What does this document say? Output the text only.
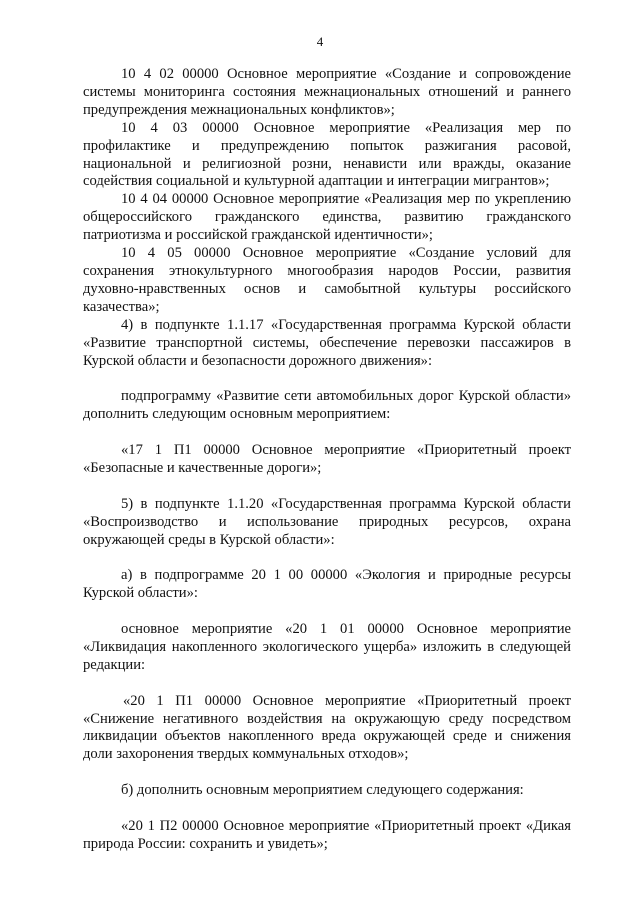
4

10 4 02 00000 Основное мероприятие «Создание и сопровождение системы мониторинга состояния межнациональных отношений и раннего предупреждения межнациональных конфликтов»;

10 4 03 00000 Основное мероприятие «Реализация мер по профилактике и предупреждению попыток разжигания расовой, национальной и религиозной розни, ненависти или вражды, оказание содействия социальной и культурной адаптации и интеграции мигрантов»;

10 4 04 00000 Основное мероприятие «Реализация мер по укреплению общероссийского гражданского единства, развитию гражданского патриотизма и российской гражданской идентичности»;

10 4 05 00000 Основное мероприятие «Создание условий для сохранения этнокультурного многообразия народов России, развития духовно-нравственных основ и самобытной культуры российского казачества»;

4) в подпункте 1.1.17 «Государственная программа Курской области «Развитие транспортной системы, обеспечение перевозки пассажиров в Курской области и безопасности дорожного движения»:

подпрограмму «Развитие сети автомобильных дорог Курской области» дополнить следующим основным мероприятием:

«17 1 П1 00000 Основное мероприятие «Приоритетный проект «Безопасные и качественные дороги»;

5) в подпункте 1.1.20 «Государственная программа Курской области «Воспроизводство и использование природных ресурсов, охрана окружающей среды в Курской области»:

а) в подпрограмме 20 1 00 00000 «Экология и природные ресурсы Курской области»:

основное мероприятие «20 1 01 00000 Основное мероприятие «Ликвидация накопленного экологического ущерба» изложить в следующей редакции:

«20 1 П1 00000 Основное мероприятие «Приоритетный проект «Снижение негативного воздействия на окружающую среду посредством ликвидации объектов накопленного вреда окружающей среде и снижения доли захоронения твердых коммунальных отходов»;

б) дополнить основным мероприятием следующего содержания:

«20 1 П2 00000 Основное мероприятие «Приоритетный проект «Дикая природа России: сохранить и увидеть»;
